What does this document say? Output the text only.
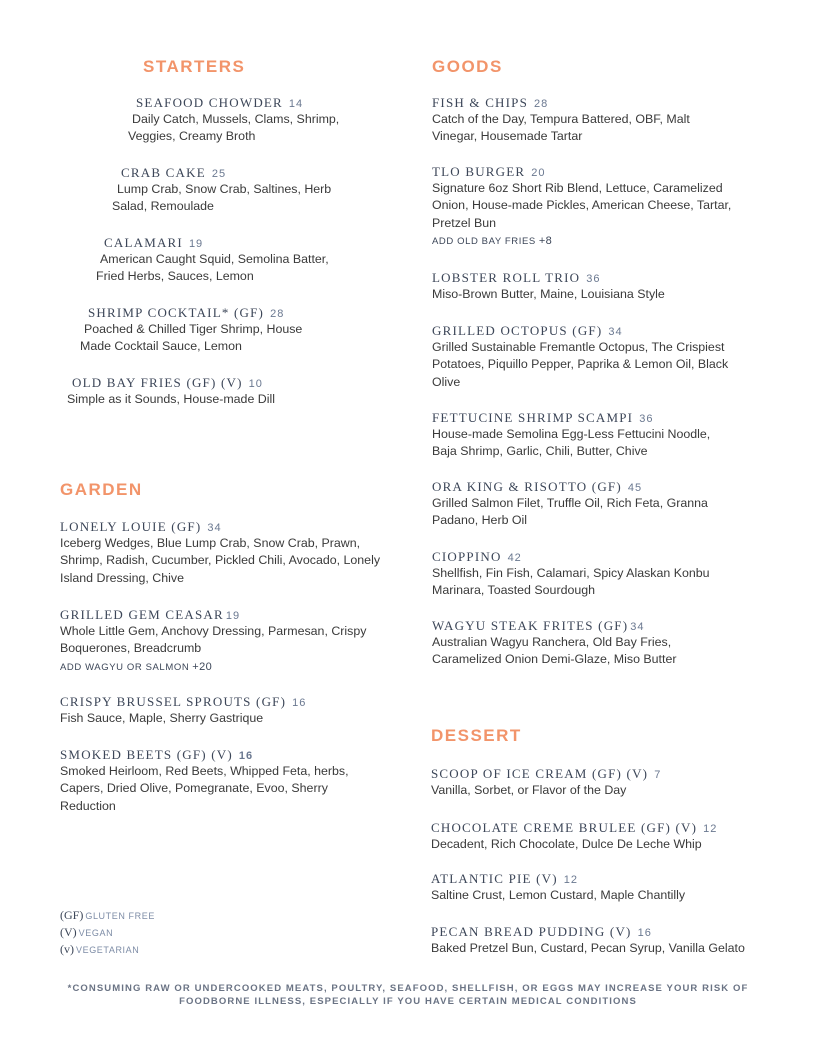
STARTERS
SEAFOOD CHOWDER 14
Daily Catch, Mussels, Clams, Shrimp,
Veggies, Creamy Broth
CRAB CAKE 25
Lump Crab, Snow Crab, Saltines, Herb
Salad, Remoulade
CALAMARI 19
American Caught Squid, Semolina Batter,
Fried Herbs, Sauces, Lemon
SHRIMP COCKTAIL* (GF) 28
Poached & Chilled Tiger Shrimp, House
Made Cocktail Sauce, Lemon
OLD BAY FRIES (GF) (V) 10
Simple as it Sounds, House-made Dill
GARDEN
LONELY LOUIE (GF) 34
Iceberg Wedges, Blue Lump Crab, Snow Crab, Prawn,
Shrimp, Radish, Cucumber, Pickled Chili, Avocado, Lonely
Island Dressing, Chive
GRILLED GEM CEASAR 19
Whole Little Gem, Anchovy Dressing, Parmesan, Crispy
Boquerones, Breadcrumb
ADD WAGYU OR SALMON +20
CRISPY BRUSSEL SPROUTS (GF) 16
Fish Sauce, Maple, Sherry Gastrique
SMOKED BEETS (GF) (V) 16
Smoked Heirloom, Red Beets, Whipped Feta, herbs,
Capers, Dried Olive, Pomegranate, Evoo, Sherry
Reduction
GOODS
FISH & CHIPS 28
Catch of the Day, Tempura Battered, OBF, Malt
Vinegar, Housemade Tartar
TLO BURGER 20
Signature 6oz Short Rib Blend, Lettuce, Caramelized
Onion, House-made Pickles, American Cheese, Tartar,
Pretzel Bun
ADD OLD BAY FRIES +8
LOBSTER ROLL TRIO 36
Miso-Brown Butter, Maine, Louisiana Style
GRILLED OCTOPUS (GF) 34
Grilled Sustainable Fremantle Octopus, The Crispiest
Potatoes, Piquillo Pepper, Paprika & Lemon Oil, Black
Olive
FETTUCINE SHRIMP SCAMPI 36
House-made Semolina Egg-Less Fettucini Noodle,
Baja Shrimp, Garlic, Chili, Butter, Chive
ORA KING & RISOTTO (GF) 45
Grilled Salmon Filet, Truffle Oil, Rich Feta, Granna
Padano, Herb Oil
CIOPPINO 42
Shellfish, Fin Fish, Calamari, Spicy Alaskan Konbu
Marinara, Toasted Sourdough
WAGYU STEAK FRITES (GF) 34
Australian Wagyu Ranchera, Old Bay Fries,
Caramelized Onion Demi-Glaze, Miso Butter
DESSERT
SCOOP OF ICE CREAM (GF) (V) 7
Vanilla, Sorbet, or Flavor of the Day
CHOCOLATE CREME BRULEE (GF) (V) 12
Decadent, Rich Chocolate, Dulce De Leche Whip
ATLANTIC PIE (V) 12
Saltine Crust, Lemon Custard, Maple Chantilly
PECAN BREAD PUDDING (V) 16
Baked Pretzel Bun, Custard, Pecan Syrup, Vanilla Gelato
(GF) GLUTEN FREE
(V) VEGAN
(v) VEGETARIAN
*CONSUMING RAW OR UNDERCOOKED MEATS, POULTRY, SEAFOOD, SHELLFISH, OR EGGS MAY INCREASE YOUR RISK OF
FOODBORNE ILLNESS, ESPECIALLY IF YOU HAVE CERTAIN MEDICAL CONDITIONS
